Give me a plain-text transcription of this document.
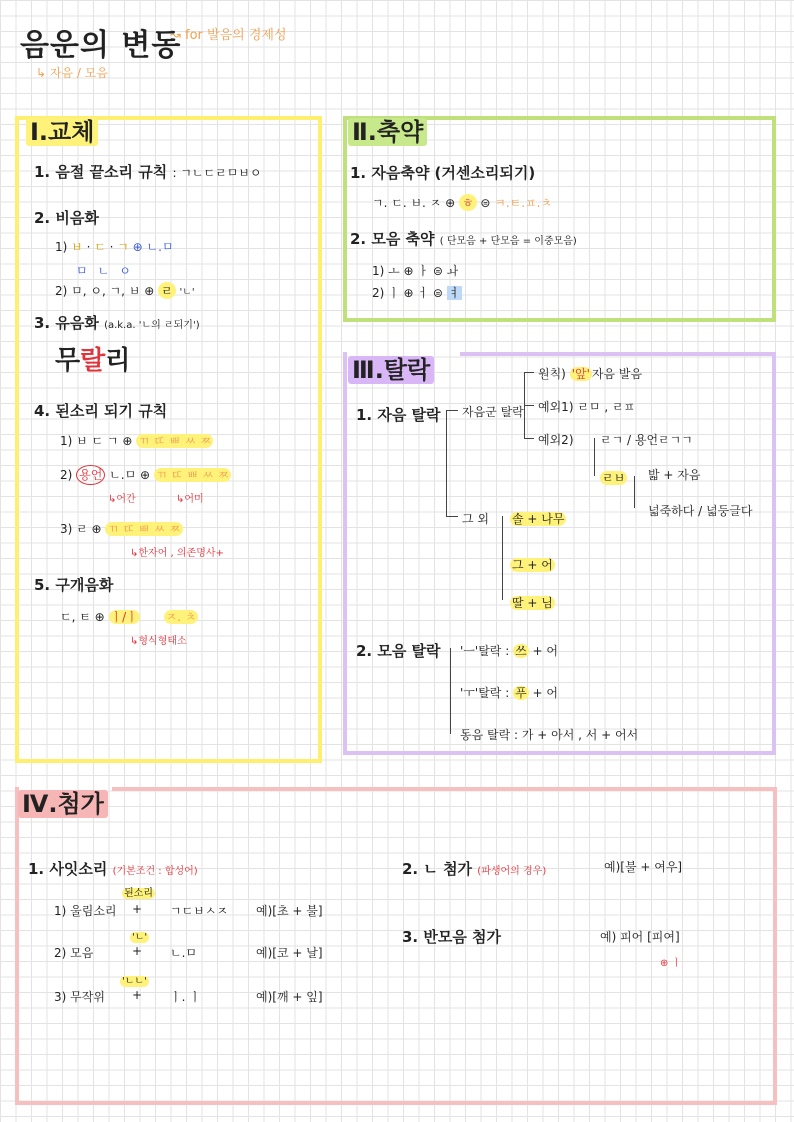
음운의 변동
↝ for 발음의 경제성
↳ 자음 / 모음
Ⅰ.교체
1. 음절 끝소리 규칙 : ㄱㄴㄷㄹㅁㅂㅇ
2. 비음화
1) ㅂ · ㄷ · ㄱ ⊕ ㄴ.ㅁ
ㅁㄴㅇ
2) ㅁ, ㅇ, ㄱ, ㅂ ⊕ ㄹ 'ㄴ'
3. 유음화 (a.k.a. 'ㄴ의 ㄹ되기')
무랄리
4. 된소리 되기 규칙
1) ㅂ ㄷ ㄱ ⊕ ㄲ ㄸ ㅃ ㅆ ㅉ
2) 용언 ㄴ.ㅁ ⊕ ㄲ ㄸ ㅃ ㅆ ㅉ
↳어간	↳어미
3) ㄹ ⊕ ㄲ ㄸ ㅃ ㅆ ㅉ
↳한자어 , 의존명사+
5. 구개음화
ㄷ, ㅌ ⊕ ㅣ/ㅣ ㅈ. ㅊ
↳형식형태소
Ⅱ.축약
1. 자음축약 (거센소리되기)
ㄱ. ㄷ. ㅂ. ㅈ ⊕ ㅎ ⊜ ㅋ.ㅌ.ㅍ.ㅊ
2. 모음 축약 ( 단모음 + 단모음 = 이중모음)
1) ㅗ ⊕ ㅏ ⊜ ㅘ
2) ㅣ ⊕ ㅓ ⊜ ㅕ
Ⅲ.탈락
1. 자음 탈락 자음군 탈락
원칙) '앞' 자음 발음
예외1) ㄹㅁ , ㄹㅍ
예외2) ㄹㄱ / 용언ㄹㄱㄱ
ㄹㅂ 밟 + 자음
넓죽하다 / 넓둥글다
그 외 솔 + 나무
그 + 어
딸 + 님
2. 모음 탈락 'ㅡ'탈락 : 쓰 + 어
'ㅜ'탈락 : 푸 + 어
동음 탈락 : 가 + 아서 , 서 + 어서
Ⅳ.첨가
1. 사잇소리 (기본조건 : 합성어)
된소리
1) 울림소리 + ㄱㄷㅂㅅㅈ 예)[초 + 불]
'ㄴ'
2) 모음	+ ㄴ.ㅁ	예)[코 + 날]
'ㄴㄴ'
3) 무작위 + ㅣ. ㅣ	예)[깨 + 잎]
2. ㄴ 첨가 (파생어의 경우)	예)[불 + 여우]
3. 반모음 첨가	예) 피어 [피여]
⊕ ㅣ
